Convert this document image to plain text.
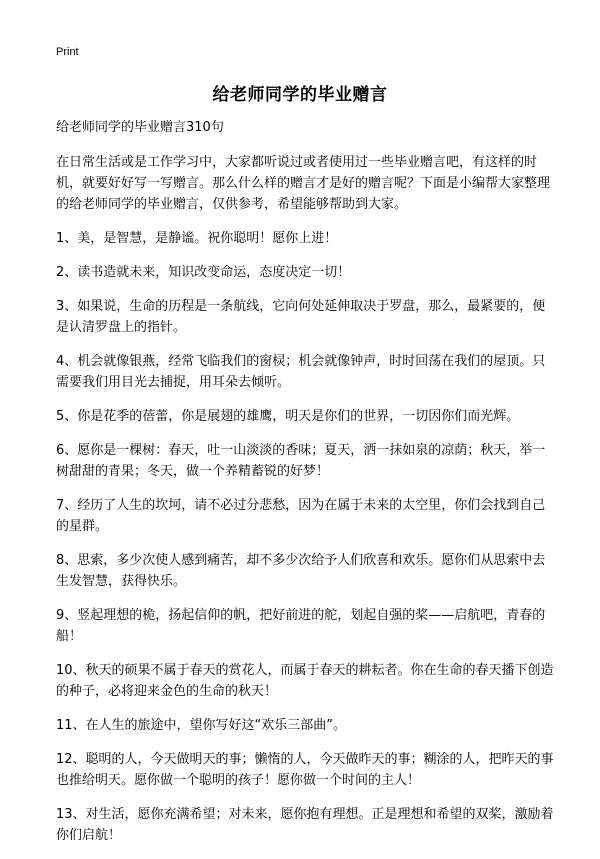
Print
给老师同学的毕业赠言

给老师同学的毕业赠言310句

在日常生活或是工作学习中，大家都听说过或者使用过一些毕业赠言吧，有这样的时机，就要好好写一写赠言。那么什么样的赠言才是好的赠言呢？下面是小编帮大家整理的给老师同学的毕业赠言，仅供参考，希望能够帮助到大家。

1、美，是智慧，是静谧。祝你聪明！愿你上进！

2、读书造就未来，知识改变命运，态度决定一切！

3、如果说，生命的历程是一条航线，它向何处延伸取决于罗盘，那么，最紧要的，便是认清罗盘上的指针。

4、机会就像银燕，经常飞临我们的窗棂；机会就像钟声，时时回荡在我们的屋顶。只需要我们用目光去捕捉，用耳朵去倾听。

5、你是花季的蓓蕾，你是展翅的雄鹰，明天是你们的世界，一切因你们而光辉。

6、愿你是一棵树：春天，吐一山淡淡的香味；夏天，洒一抹如泉的凉荫；秋天，举一树甜甜的青果；冬天，做一个养精蓄锐的好梦！

7、经历了人生的坎坷，请不必过分悲愁，因为在属于未来的太空里，你们会找到自己的星群。

8、思索，多少次使人感到痛苦，却不多少次给予人们欣喜和欢乐。愿你们从思索中去生发智慧，获得快乐。

9、竖起理想的桅，扬起信仰的帆，把好前进的舵，划起自强的桨——启航吧，青春的船！

10、秋天的硕果不属于春天的赏花人，而属于春天的耕耘者。你在生命的春天播下创造的种子，必将迎来金色的生命的秋天！

11、在人生的旅途中，望你写好这“欢乐三部曲”。

12、聪明的人，今天做明天的事；懒惰的人，今天做昨天的事；糊涂的人，把昨天的事也推给明天。愿你做一个聪明的孩子！愿你做一个时间的主人！

13、对生活，愿你充满希望；对未来，愿你抱有理想。正是理想和希望的双桨，激励着你们启航！
